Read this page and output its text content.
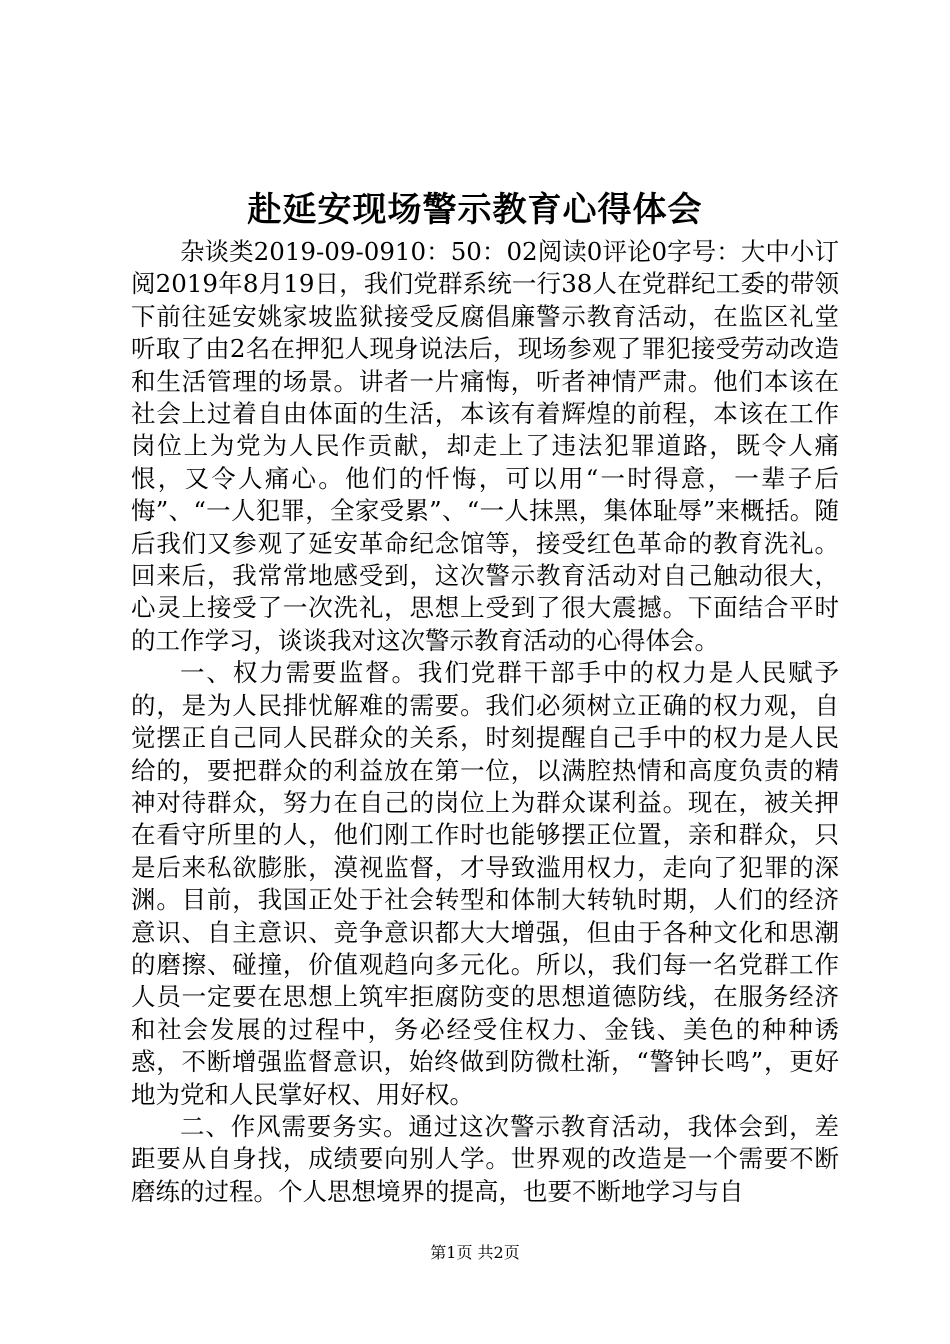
赴延安现场警示教育心得体会

杂谈类2019-09-0910：50：02阅读0评论0字号：大中小订阅2019年8月19日，我们党群系统一行38人在党群纪工委的带领下前往延安姚家坡监狱接受反腐倡廉警示教育活动，在监区礼堂听取了由2名在押犯人现身说法后，现场参观了罪犯接受劳动改造和生活管理的场景。讲者一片痛悔，听者神情严肃。他们本该在社会上过着自由体面的生活，本该有着辉煌的前程，本该在工作岗位上为党为人民作贡献，却走上了违法犯罪道路，既令人痛恨，又令人痛心。他们的忏悔，可以用“一时得意，一辈子后悔”、“一人犯罪，全家受累”、“一人抹黑，集体耻辱”来概括。随后我们又参观了延安革命纪念馆等，接受红色革命的教育洗礼。回来后，我常常地感受到，这次警示教育活动对自己触动很大，心灵上接受了一次洗礼，思想上受到了很大震撼。下面结合平时的工作学习，谈谈我对这次警示教育活动的心得体会。

一、权力需要监督。我们党群干部手中的权力是人民赋予的，是为人民排忧解难的需要。我们必须树立正确的权力观，自觉摆正自己同人民群众的关系，时刻提醒自己手中的权力是人民给的，要把群众的利益放在第一位，以满腔热情和高度负责的精神对待群众，努力在自己的岗位上为群众谋利益。现在，被关押在看守所里的人，他们刚工作时也能够摆正位置，亲和群众，只是后来私欲膨胀，漠视监督，才导致滥用权力，走向了犯罪的深渊。目前，我国正处于社会转型和体制大转轨时期，人们的经济意识、自主意识、竞争意识都大大增强，但由于各种文化和思潮的磨擦、碰撞，价值观趋向多元化。所以，我们每一名党群工作人员一定要在思想上筑牢拒腐防变的思想道德防线，在服务经济和社会发展的过程中，务必经受住权力、金钱、美色的种种诱惑，不断增强监督意识，始终做到防微杜渐，“警钟长鸣”，更好地为党和人民掌好权、用好权。

二、作风需要务实。通过这次警示教育活动，我体会到，差距要从自身找，成绩要向别人学。世界观的改造是一个需要不断磨练的过程。个人思想境界的提高，也要不断地学习与自

第1页 共2页
